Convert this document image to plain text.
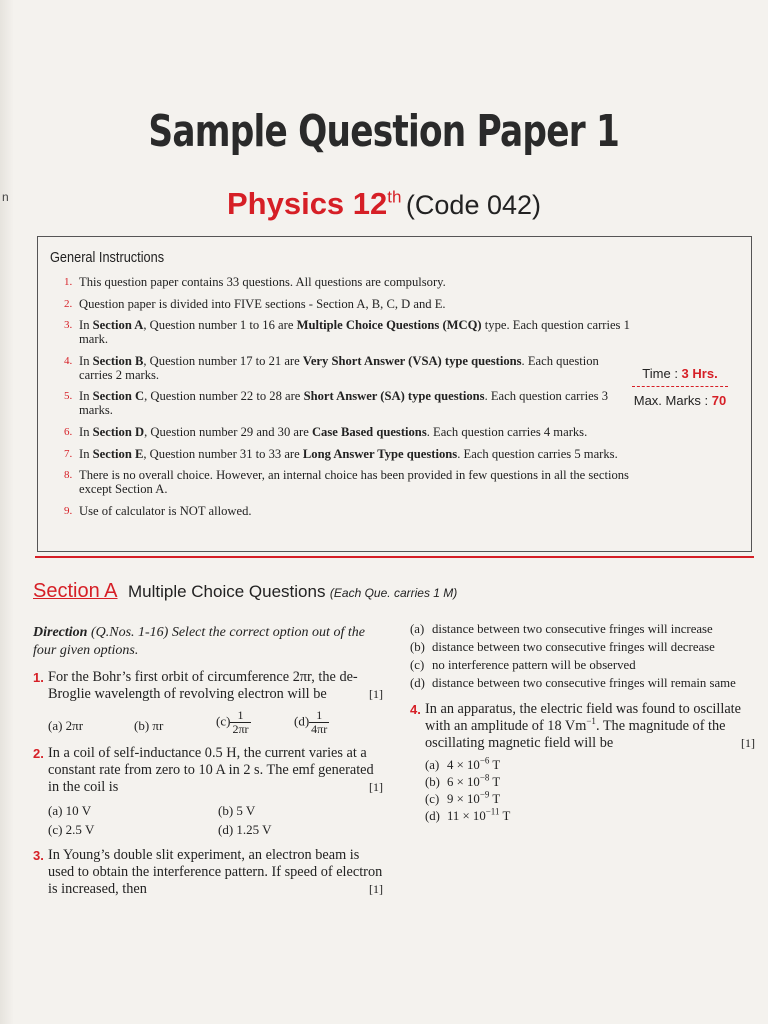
n
Sample Question Paper 1
Physics 12th (Code 042)
General Instructions
1. This question paper contains 33 questions. All questions are compulsory.
2. Question paper is divided into FIVE sections - Section A, B, C, D and E.
3. In Section A, Question number 1 to 16 are Multiple Choice Questions (MCQ) type. Each question carries 1 mark.
4. In Section B, Question number 17 to 21 are Very Short Answer (VSA) type questions. Each question carries 2 marks.
5. In Section C, Question number 22 to 28 are Short Answer (SA) type questions. Each question carries 3 marks.
6. In Section D, Question number 29 and 30 are Case Based questions. Each question carries 4 marks.
7. In Section E, Question number 31 to 33 are Long Answer Type questions. Each question carries 5 marks.
8. There is no overall choice. However, an internal choice has been provided in few questions in all the sections except Section A.
9. Use of calculator is NOT allowed.
Time : 3 Hrs.
Max. Marks : 70
Section A Multiple Choice Questions (Each Que. carries 1 M)
Direction (Q.Nos. 1-16) Select the correct option out of the four given options.
1. For the Bohr’s first orbit of circumference 2πr, the de-Broglie wavelength of revolving electron will be	[1]
(a) 2πr	(b) πr	$(c) \frac{1}{2\pi r}$	$(d) \frac{1}{4\pi r}$
2. In a coil of self-inductance 0.5 H, the current varies at a constant rate from zero to 10 A in 2 s. The emf generated in the coil is	[1]
(a) 10 V	(b) 5 V
(c) 2.5 V	(d) 1.25 V
3. In Young’s double slit experiment, an electron beam is used to obtain the interference pattern. If speed of electron is increased, then	[1]
(a) distance between two consecutive fringes will increase
(b) distance between two consecutive fringes will decrease
(c) no interference pattern will be observed
(d) distance between two consecutive fringes will remain same
4. In an apparatus, the electric field was found to oscillate with an amplitude of 18 $Vm^{-1}$. The magnitude of the oscillating magnetic field will be	[1]
(a) $4 \times 10^{-6}$ T
(b) $6 \times 10^{-8}$ T
(c) $9 \times 10^{-9}$ T
(d) $11 \times 10^{-11}$ T
